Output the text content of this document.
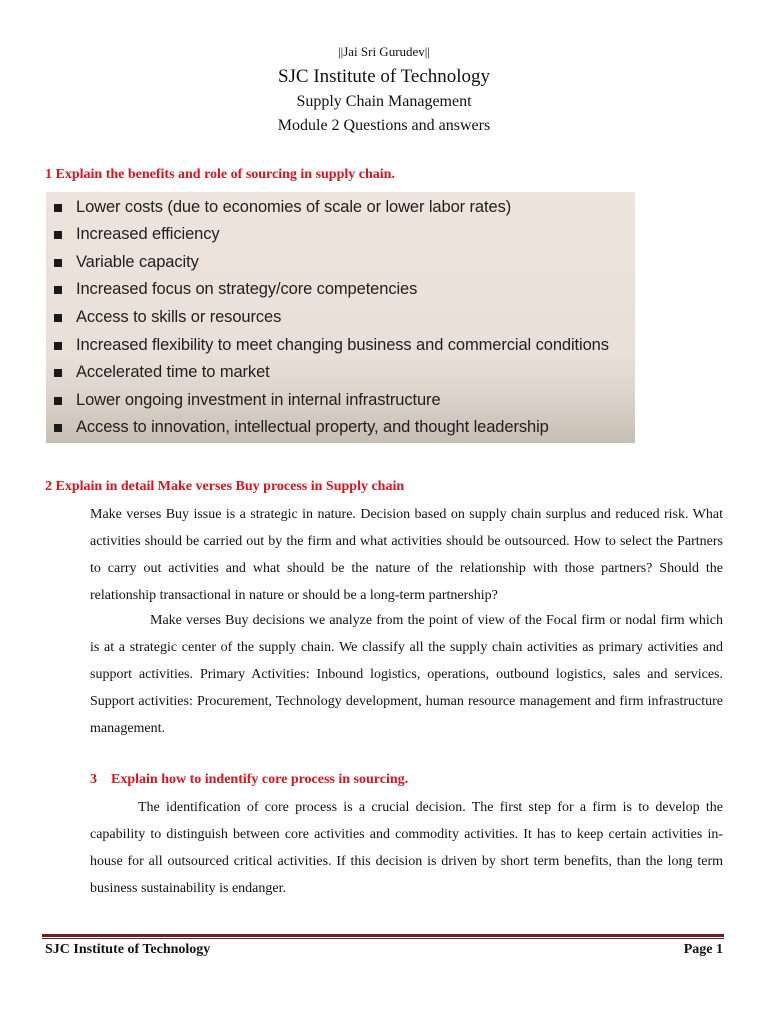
||Jai Sri Gurudev||
SJC Institute of Technology
Supply Chain Management
Module 2 Questions and answers
1 Explain the benefits and role of sourcing in supply chain.
Lower costs (due to economies of scale or lower labor rates)
Increased efficiency
Variable capacity
Increased focus on strategy/core competencies
Access to skills or resources
Increased flexibility to meet changing business and commercial conditions
Accelerated time to market
Lower ongoing investment in internal infrastructure
Access to innovation, intellectual property, and thought leadership
2 Explain in detail Make verses Buy process in Supply chain
Make verses Buy issue is a strategic in nature. Decision based on supply chain surplus and reduced risk. What activities should be carried out by the firm and what activities should be outsourced. How to select the Partners to carry out activities and what should be the nature of the relationship with those partners? Should the relationship transactional in nature or should be a long-term partnership?
Make verses Buy decisions we analyze from the point of view of the Focal firm or nodal firm which is at a strategic center of the supply chain. We classify all the supply chain activities as primary activities and support activities. Primary Activities: Inbound logistics, operations, outbound logistics, sales and services. Support activities: Procurement, Technology development, human resource management and firm infrastructure management.
3    Explain how to indentify core process in sourcing.
The identification of core process is a crucial decision. The first step for a firm is to develop the capability to distinguish between core activities and commodity activities. It has to keep certain activities in-house for all outsourced critical activities. If this decision is driven by short term benefits, than the long term business sustainability is endanger.
SJC Institute of Technology	Page 1
